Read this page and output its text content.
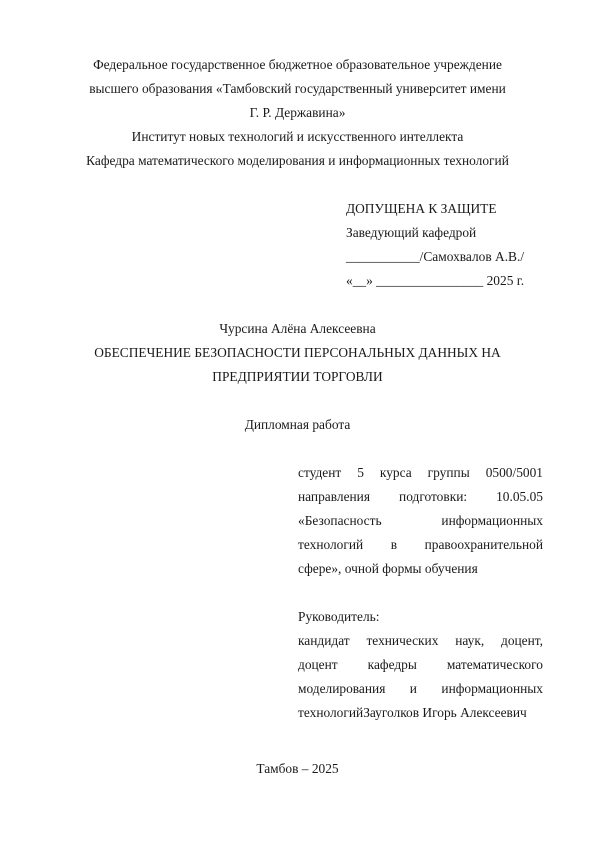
Федеральное государственное бюджетное образовательное учреждение
высшего образования «Тамбовский государственный университет имени
Г. Р. Державина»
Институт новых технологий и искусственного интеллекта
Кафедра математического моделирования и информационных технологий
ДОПУЩЕНА К ЗАЩИТЕ
Заведующий кафедрой
___________/Самохвалов А.В./
«__» ________________ 2025 г.
Чурсина Алёна Алексеевна
ОБЕСПЕЧЕНИЕ БЕЗОПАСНОСТИ ПЕРСОНАЛЬНЫХ ДАННЫХ НА
ПРЕДПРИЯТИИ ТОРГОВЛИ
Дипломная работа
студент 5 курса группы 0500/5001
направления подготовки: 10.05.05
«Безопасность	информационных
технологий в правоохранительной
сфере», очной формы обучения
Руководитель:
кандидат технических наук, доцент,
доцент кафедры математического
моделирования и информационных
технологийЗауголков Игорь Алексеевич
Тамбов – 2025
